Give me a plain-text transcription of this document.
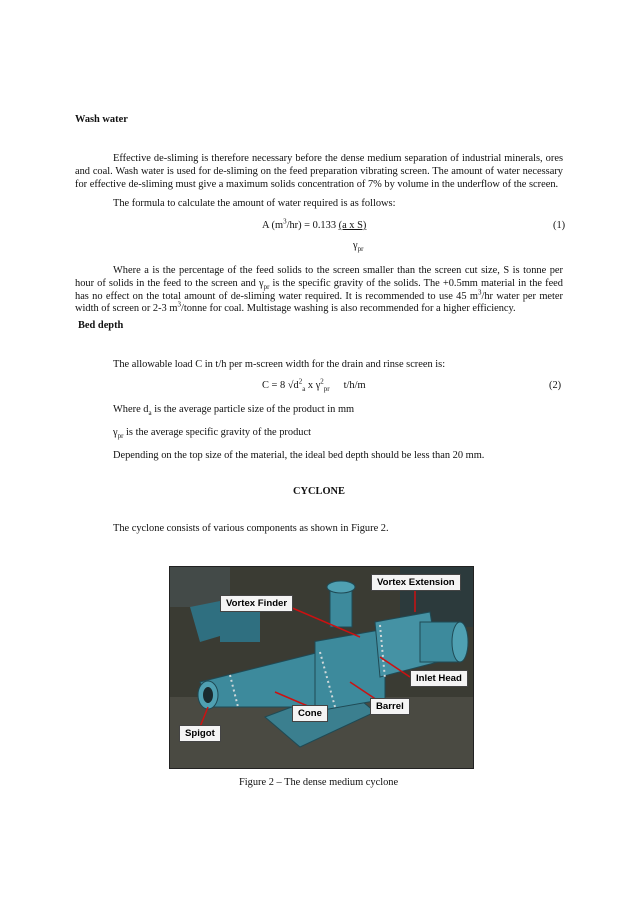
Wash water
Effective de-sliming is therefore necessary before the dense medium separation of industrial minerals, ores and coal. Wash water is used for de-sliming on the feed preparation vibrating screen. The amount of water necessary for effective de-sliming must give a maximum solids concentration of 7% by volume in the underflow of the screen.
The formula to calculate the amount of water required is as follows:
A $(m^3/hr) = 0.133$ (a x S)	(1)
$\gamma_{pr}$
Where a is the percentage of the feed solids to the screen smaller than the screen cut size, S is tonne per hour of solids in the feed to the screen and $\gamma_{pr}$ is the specific gravity of the solids. The +0.5mm material in the feed has no effect on the total amount of de-sliming water required. It is recommended to use 45 $m^3/hr$ water per meter width of screen or 2-3 $m^3$/tonne for coal. Multistage washing is also recommended for a higher efficiency.
Bed depth
The allowable load C in t/h per m-screen width for the drain and rinse screen is:
C = 8 $√d^2_a$ x $\gamma^2_{pr}$ t/h/m	(2)
Where $d_a$ is the average particle size of the product in mm
$\gamma_{pr}$ is the average specific gravity of the product
Depending on the top size of the material, the ideal bed depth should be less than 20 mm.
CYCLONE
The cyclone consists of various components as shown in Figure 2.
Vortex Extension
Vortex Finder
Inlet Head
Barrel
Cone
Spigot
Figure 2 – The dense medium cyclone
